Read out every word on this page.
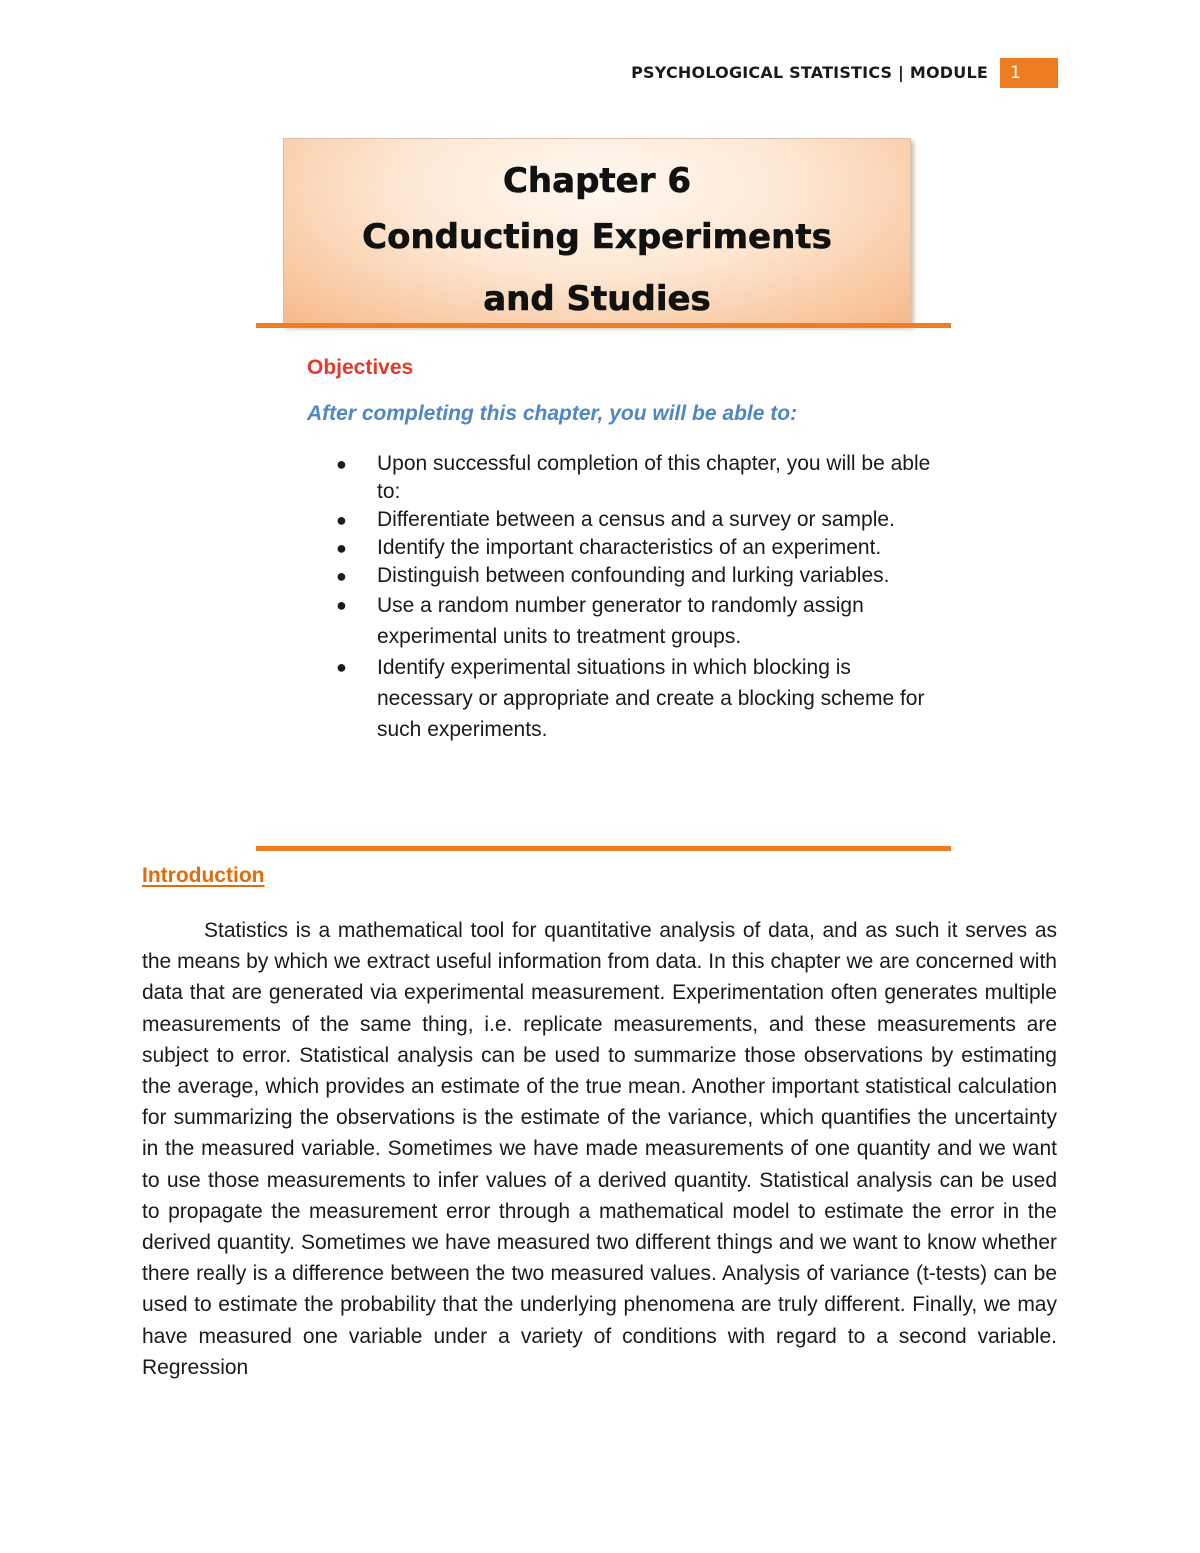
PSYCHOLOGICAL STATISTICS | MODULE	1
Chapter 6
Conducting Experiments
and Studies
Objectives
After completing this chapter, you will be able to:
● Upon successful completion of this chapter, you will be able to:
● Differentiate between a census and a survey or sample.
● Identify the important characteristics of an experiment.
● Distinguish between confounding and lurking variables.
● Use a random number generator to randomly assign experimental units to treatment groups.
● Identify experimental situations in which blocking is necessary or appropriate and create a blocking scheme for such experiments.
Introduction

Statistics is a mathematical tool for quantitative analysis of data, and as such it serves as the means by which we extract useful information from data. In this chapter we are concerned with data that are generated via experimental measurement. Experimentation often generates multiple measurements of the same thing, i.e. replicate measurements, and these measurements are subject to error. Statistical analysis can be used to summarize those observations by estimating the average, which provides an estimate of the true mean. Another important statistical calculation for summarizing the observations is the estimate of the variance, which quantifies the uncertainty in the measured variable. Sometimes we have made measurements of one quantity and we want to use those measurements to infer values of a derived quantity. Statistical analysis can be used to propagate the measurement error through a mathematical model to estimate the error in the derived quantity. Sometimes we have measured two different things and we want to know whether there really is a difference between the two measured values. Analysis of variance (t-tests) can be used to estimate the probability that the underlying phenomena are truly different. Finally, we may have measured one variable under a variety of conditions with regard to a second variable. Regression
